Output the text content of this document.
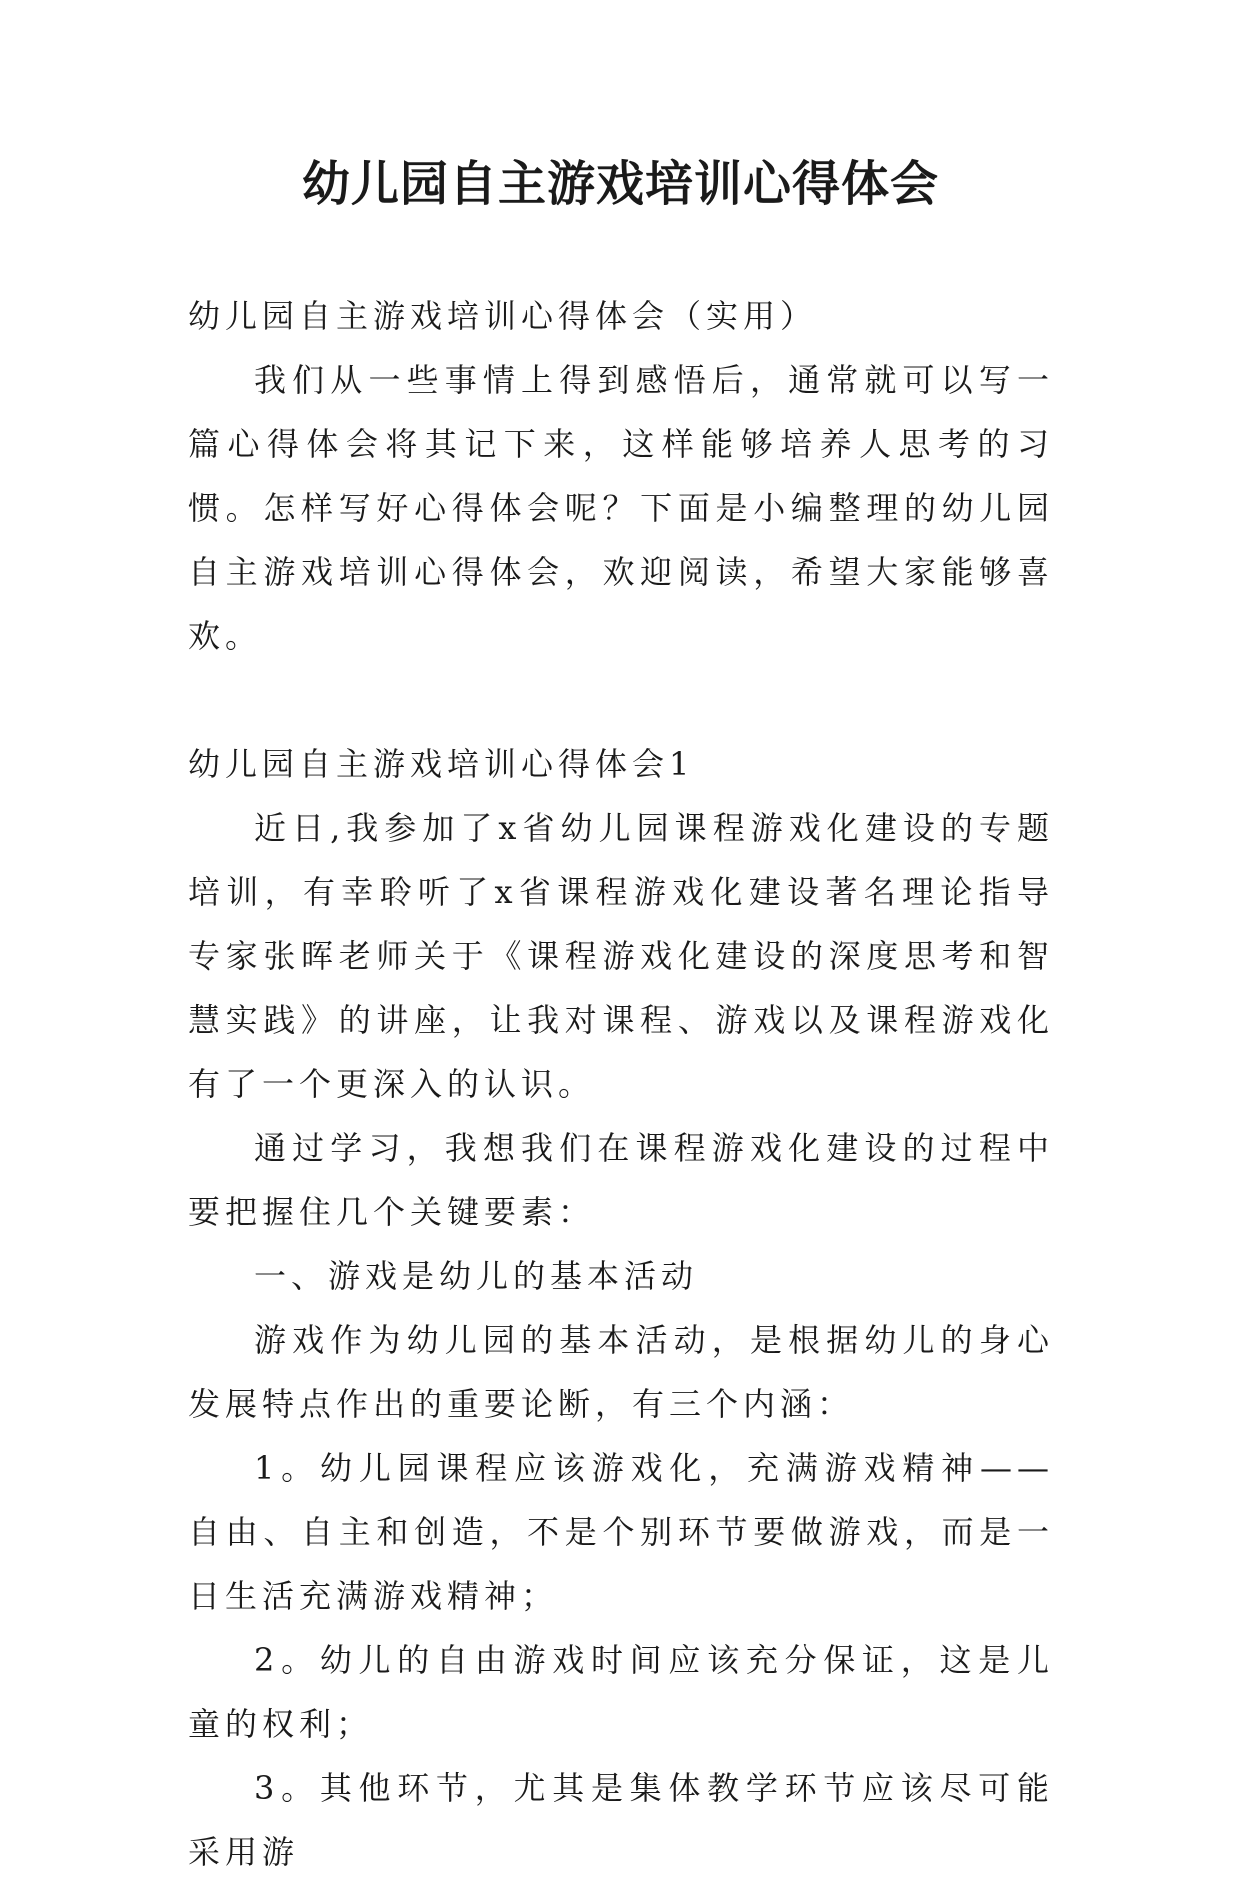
幼儿园自主游戏培训心得体会

幼儿园自主游戏培训心得体会（实用）

我们从一些事情上得到感悟后，通常就可以写一篇心得体会将其记下来，这样能够培养人思考的习惯。怎样写好心得体会呢？下面是小编整理的幼儿园自主游戏培训心得体会，欢迎阅读，希望大家能够喜欢。

幼儿园自主游戏培训心得体会1

近日,我参加了x省幼儿园课程游戏化建设的专题培训，有幸聆听了x省课程游戏化建设著名理论指导专家张晖老师关于《课程游戏化建设的深度思考和智慧实践》的讲座，让我对课程、游戏以及课程游戏化有了一个更深入的认识。

通过学习，我想我们在课程游戏化建设的过程中要把握住几个关键要素：

一、游戏是幼儿的基本活动

游戏作为幼儿园的基本活动，是根据幼儿的身心发展特点作出的重要论断，有三个内涵：

1。幼儿园课程应该游戏化，充满游戏精神——自由、自主和创造，不是个别环节要做游戏，而是一日生活充满游戏精神；

2。幼儿的自由游戏时间应该充分保证，这是儿童的权利；

3。其他环节，尤其是集体教学环节应该尽可能采用游
